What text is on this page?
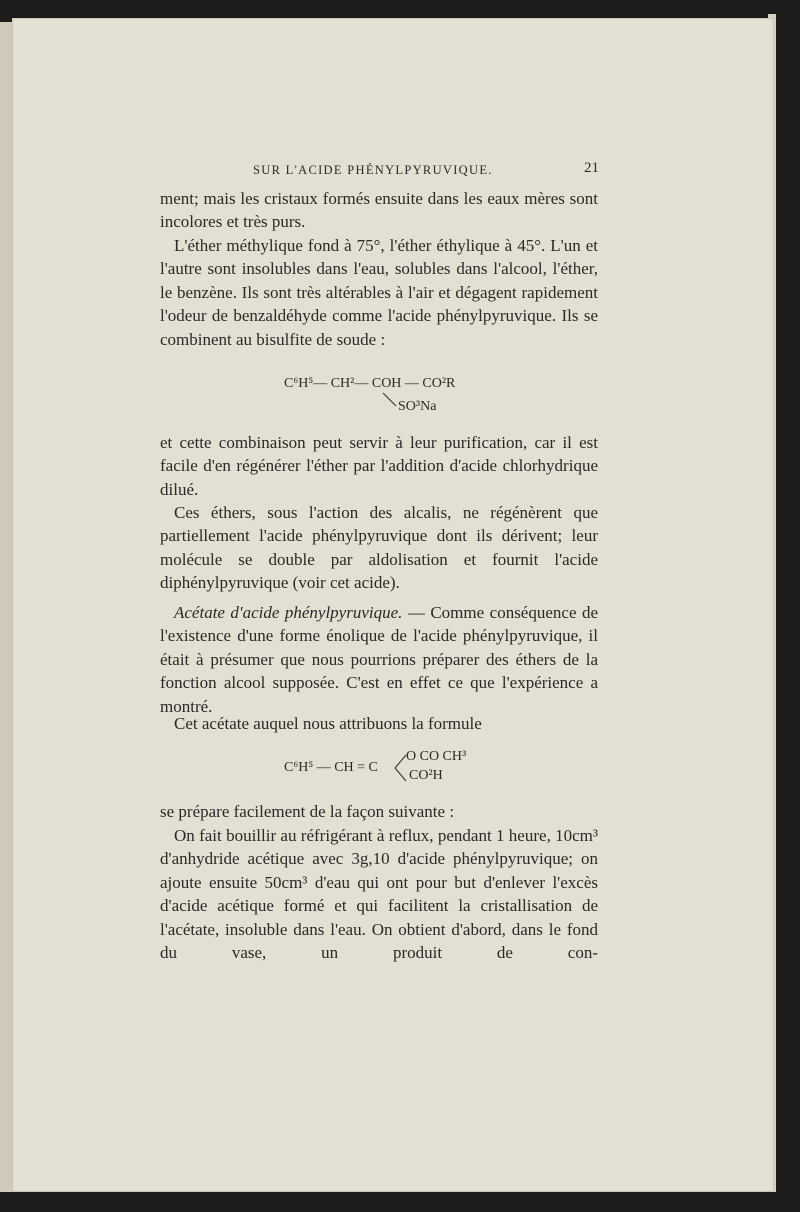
SUR L'ACIDE PHÉNYLPYRUVIQUE.	21
ment; mais les cristaux formés ensuite dans les eaux mères sont incolores et très purs.
L'éther méthylique fond à 75°, l'éther éthylique à 45°. L'un et l'autre sont insolubles dans l'eau, solubles dans l'alcool, l'éther, le benzène. Ils sont très altérables à l'air et dégagent rapidement l'odeur de benzaldéhyde comme l'acide phénylpyruvique. Ils se combinent au bisulfite de soude :
C⁶H⁵— CH²— COH — CO²R
SO³Na
et cette combinaison peut servir à leur purification, car il est facile d'en régénérer l'éther par l'addition d'acide chlorhydrique dilué.
Ces éthers, sous l'action des alcalis, ne régénèrent que partiellement l'acide phénylpyruvique dont ils dérivent; leur molécule se double par aldolisation et fournit l'acide diphénylpyruvique (voir cet acide).
Acétate d'acide phénylpyruvique. — Comme conséquence de l'existence d'une forme énolique de l'acide phénylpyruvique, il était à présumer que nous pourrions préparer des éthers de la fonction alcool supposée. C'est en effet ce que l'expérience a montré.
Cet acétate auquel nous attribuons la formule
C⁶H⁵ — CH = C
O CO CH³
CO²H
se prépare facilement de la façon suivante :
On fait bouillir au réfrigérant à reflux, pendant 1 heure, 10cm³ d'anhydride acétique avec 3g,10 d'acide phénylpyruvique; on ajoute ensuite 50cm³ d'eau qui ont pour but d'enlever l'excès d'acide acétique formé et qui facilitent la cristallisation de l'acétate, insoluble dans l'eau. On obtient d'abord, dans le fond du vase, un produit de con-
